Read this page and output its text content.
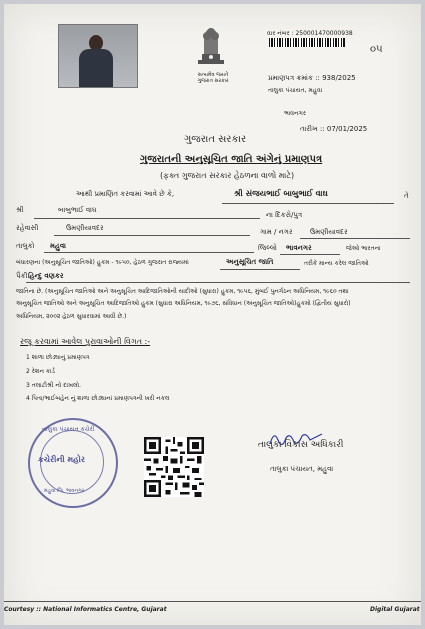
સત્યમેવ જયતે
ગુજરાત સરકાર
વાર નંબર : 250001470000938
૦૫
પ્રમાણપત્ર ક્રમાંક :: 938/2025
તાલુકા પંચાયત, મહુવા
ભાવનગર
તારીખ :: 07/01/2025
ગુજરાત સરકાર
ગુજરાતની અનુસૂચિત જાતિ અંગેનું પ્રમાણપત્ર
(ફક્ત ગુજરાત સરકાર હેઠળના વાળો માટે)
આથી પ્રમાણિત કરવામાં આવે છે કે,	શ્રી સંજયભાઈ બાબુભાઈ વાઘ	તે
શ્રી	બાબુભાઈ વાઘ
ના દિકરો/પુત્ર
રહેવાસી	ઉમણીયાવદર	ગામ / નગર ઉમણીયાવદર
તાલુકો મહુવા	જિલ્લો ભાવનગર	જેઓ ભારતના
બંધારણના (અનુસૂચિત જાતિઓ) હુકમ - ૧૯૫૦, હેઠળ ગુજરાત રાજ્યમાં	અનુસૂચિત જાતિ	તરીકે માન્ય કરેલ જાતિઓ
પૈકી હિન્દુ વણકર
જાતિના છે. (અનુસૂચિત જાતિઓ અને અનુસૂચિત આદિજાતિઓની યાદીઓ (સુધારા) હુકમ, ૧૯૫૬, મુંબઈ પુનર્ગઠન અધિનિયમ, ૧૯૬૦ તથા
અનુસૂચિત જાતિઓ અને અનુસૂચિત આદિજાતિઓ હુકમ (સુધારા અધિનિયમ, ૧૯૭૬, સંવિધાન (અનુસૂચિત જાતિઓ)હુકમો (દ્વિતીય સુધારો)
અધિનિયમ, ૨૦૦૨ હેઠળ સુધારવામાં આવી છે.)
રજૂ કરવામાં આવેલ પુરાવાઓની વિગત :-
1 શાળા છોડ્યાનું પ્રમાણપત્ર
2 રેશન કાર્ડ
3 તલાટીશ્રી નો દાખલો.
4 પિતા/ભાઈબહેન નું શાળા છોડ્યાનાં પ્રમાણપત્રની ખરી નકલ
તાલુકા પંચાયત કચેરી
કચેરીની મહોર
મહુવા જિ. ભાવનગર
તાલુકા વિકાસ અધિકારી
તાલુકા પંચાયત, મહુવા
Courtesy :: National Informatics Centre, Gujarat	Digital Gujarat
